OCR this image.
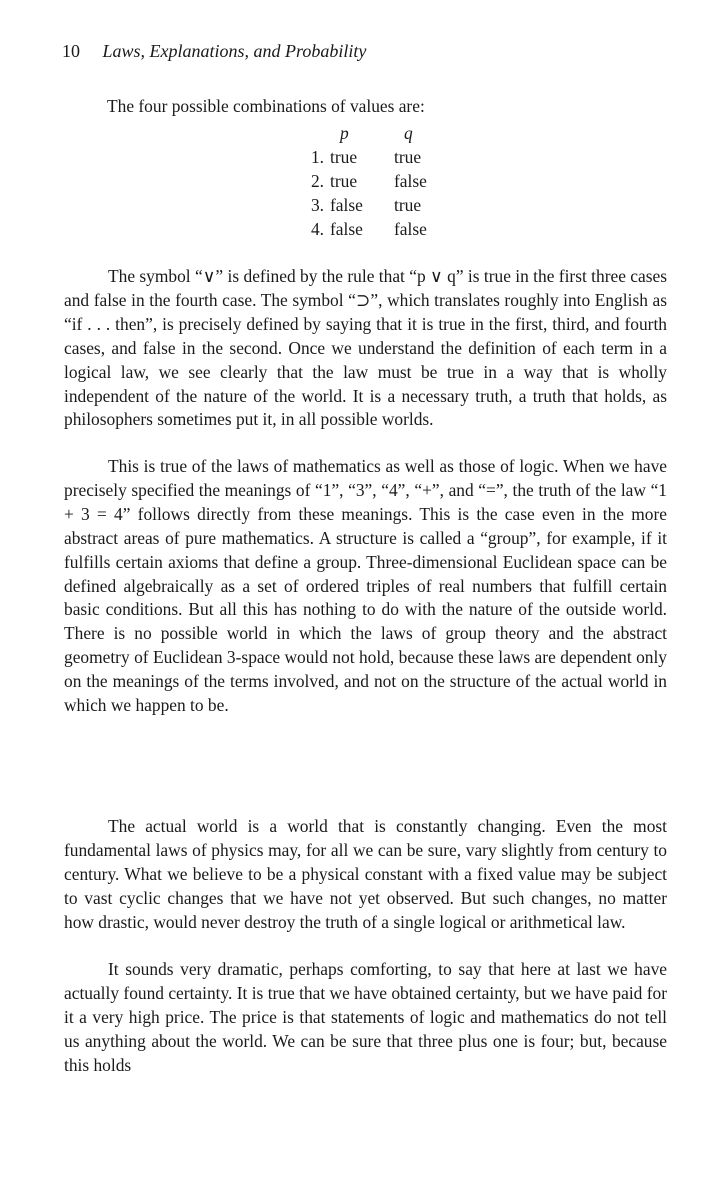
10 Laws, Explanations, and Probability
The four possible combinations of values are:
p	q
1. true	true
2. true	false
3. false	true
4. false	false

The symbol “∨” is defined by the rule that “p ∨ q” is true in the first three cases and false in the fourth case. The symbol “⊃”, which translates roughly into English as “if . . . then”, is precisely defined by saying that it is true in the first, third, and fourth cases, and false in the second. Once we understand the definition of each term in a logical law, we see clearly that the law must be true in a way that is wholly independent of the nature of the world. It is a necessary truth, a truth that holds, as philosophers sometimes put it, in all possible worlds.

This is true of the laws of mathematics as well as those of logic. When we have precisely specified the meanings of “1”, “3”, “4”, “+”, and “=”, the truth of the law “1 + 3 = 4” follows directly from these meanings. This is the case even in the more abstract areas of pure mathematics. A structure is called a “group”, for example, if it fulfills certain axioms that define a group. Three-dimensional Euclidean space can be defined algebraically as a set of ordered triples of real numbers that fulfill certain basic conditions. But all this has nothing to do with the nature of the outside world. There is no possible world in which the laws of group theory and the abstract geometry of Euclidean 3-space would not hold, because these laws are dependent only on the meanings of the terms involved, and not on the structure of the actual world in which we happen to be.

The actual world is a world that is constantly changing. Even the most fundamental laws of physics may, for all we can be sure, vary slightly from century to century. What we believe to be a physical constant with a fixed value may be subject to vast cyclic changes that we have not yet observed. But such changes, no matter how drastic, would never destroy the truth of a single logical or arithmetical law.

It sounds very dramatic, perhaps comforting, to say that here at last we have actually found certainty. It is true that we have obtained certainty, but we have paid for it a very high price. The price is that statements of logic and mathematics do not tell us anything about the world. We can be sure that three plus one is four; but, because this holds
